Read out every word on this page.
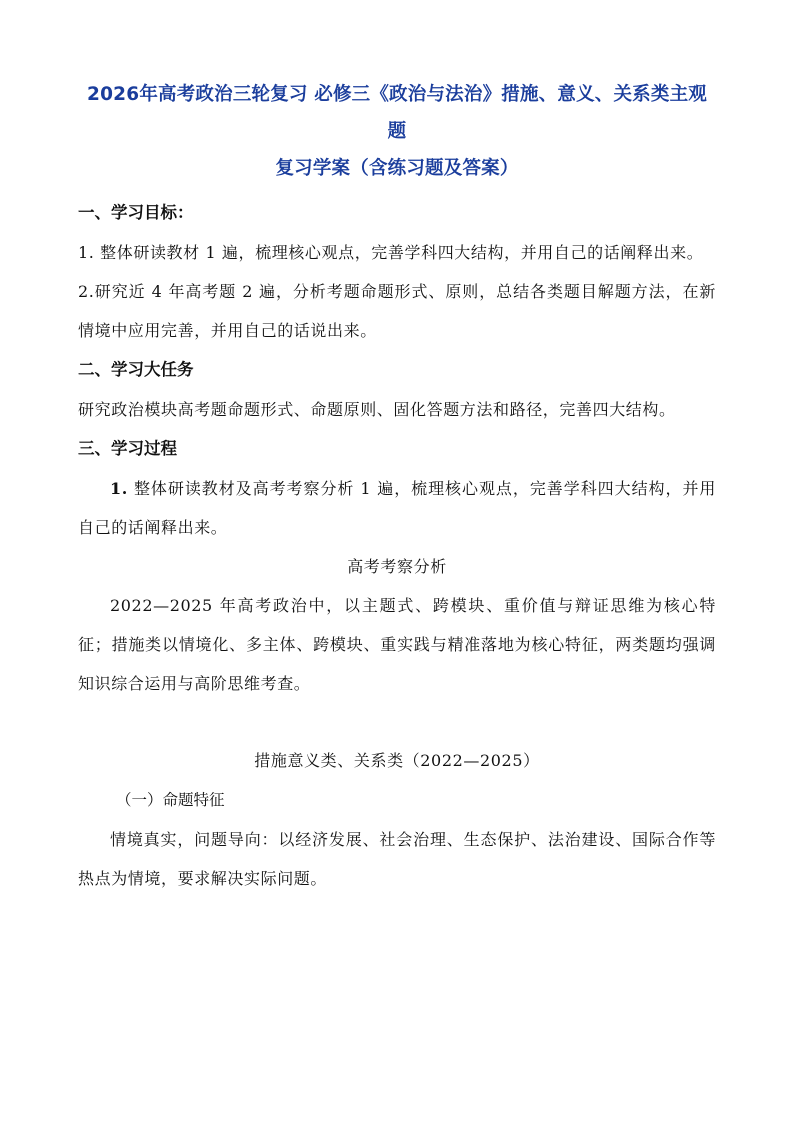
2026年高考政治三轮复习 必修三《政治与法治》措施、意义、关系类主观题

复习学案（含练习题及答案）

一、学习目标：

1. 整体研读教材 1 遍，梳理核心观点，完善学科四大结构，并用自己的话阐释出来。

2.研究近 4 年高考题 2 遍，分析考题命题形式、原则，总结各类题目解题方法，在新情境中应用完善，并用自己的话说出来。

二、学习大任务

研究政治模块高考题命题形式、命题原则、固化答题方法和路径，完善四大结构。

三、学习过程

1. 整体研读教材及高考考察分析 1 遍，梳理核心观点，完善学科四大结构，并用自己的话阐释出来。

高考考察分析

2022—2025 年高考政治中，以主题式、跨模块、重价值与辩证思维为核心特征；措施类以情境化、多主体、跨模块、重实践与精准落地为核心特征，两类题均强调知识综合运用与高阶思维考查。

措施意义类、关系类（2022—2025）

（一）命题特征

情境真实，问题导向：以经济发展、社会治理、生态保护、法治建设、国际合作等热点为情境，要求解决实际问题。
